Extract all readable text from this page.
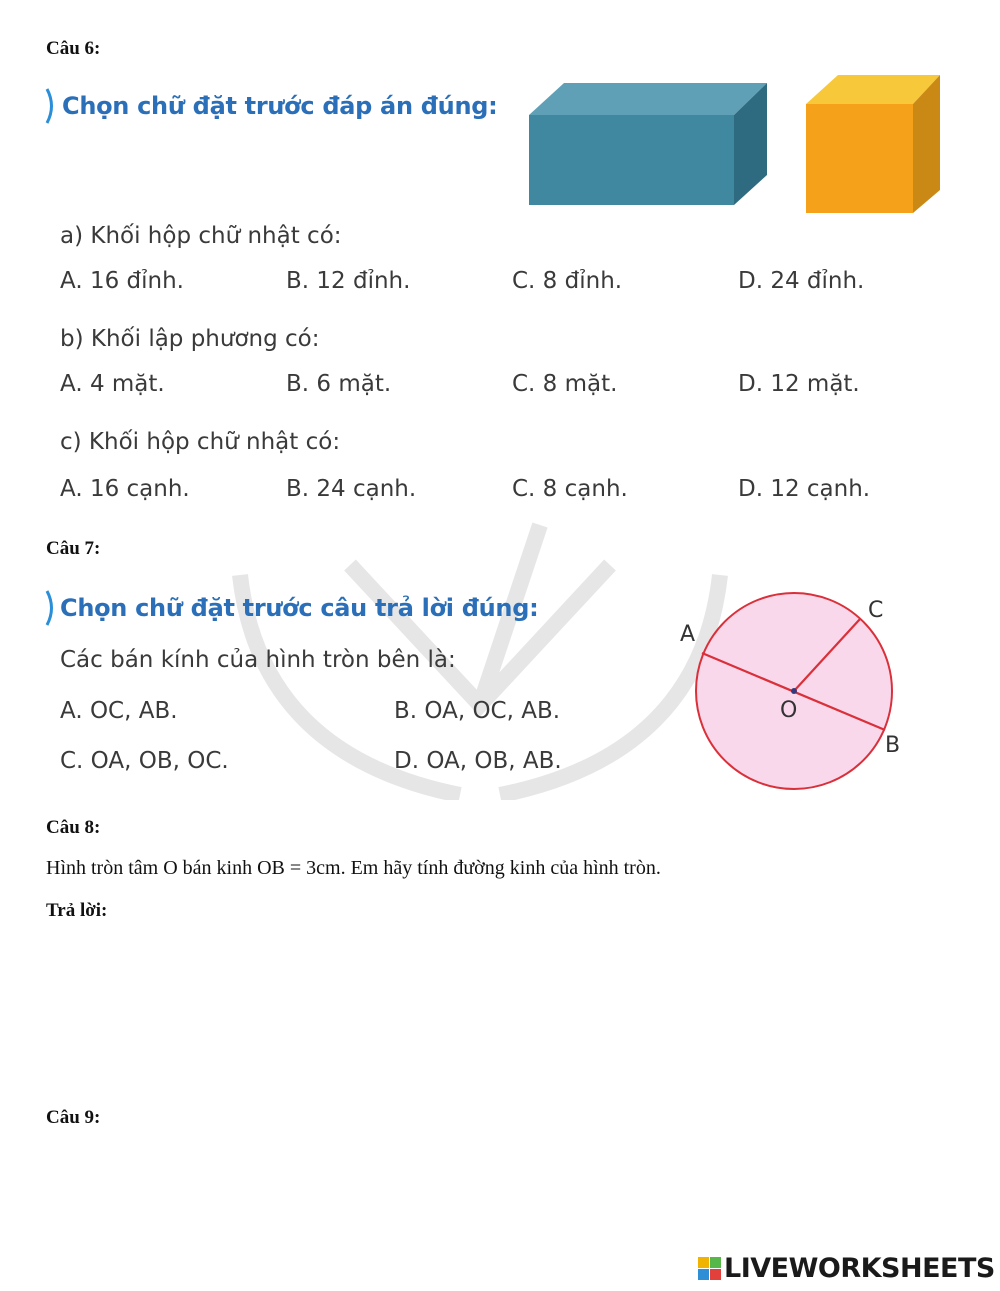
Câu 6:
Chọn chữ đặt trước đáp án đúng:
a) Khối hộp chữ nhật có:
A. 16 đỉnh.	B. 12 đỉnh.	C. 8 đỉnh.	D. 24 đỉnh.
b) Khối lập phương có:
A. 4 mặt.	B. 6 mặt.	C. 8 mặt.	D. 12 mặt.
c) Khối hộp chữ nhật có:
A. 16 cạnh.	B. 24 cạnh.	C. 8 cạnh.	D. 12 cạnh.
Câu 7:
Chọn chữ đặt trước câu trả lời đúng:
Các bán kính của hình tròn bên là:
A. OC, AB.	B. OA, OC, AB.
C. OA, OB, OC.	D. OA, OB, AB.
A
C
O
B
Câu 8:
Hình tròn tâm O bán kinh OB = 3cm. Em hãy tính đường kinh của hình tròn.
Trả lời:
Câu 9:
LIVEWORKSHEETS
